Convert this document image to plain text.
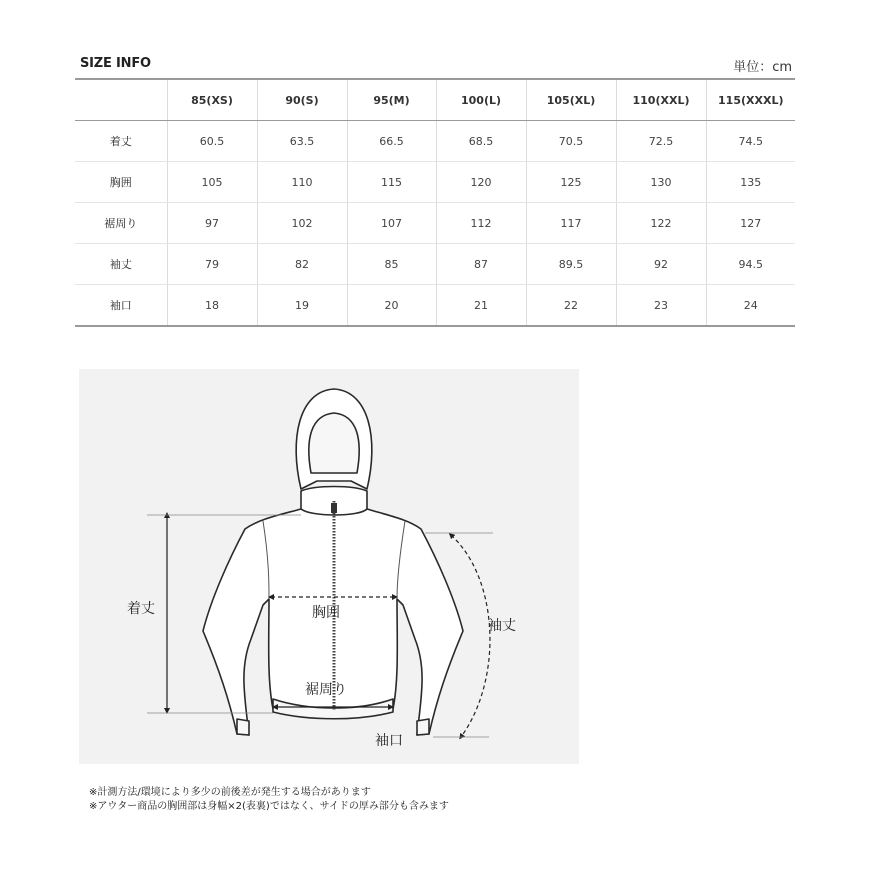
SIZE INFO	単位：cm
	85(XS)	90(S)	95(M)	100(L)	105(XL)	110(XXL)	115(XXXL)
着丈	60.5	63.5	66.5	68.5	70.5	72.5	74.5
胸囲	105	110	115	120	125	130	135
裾周り	97	102	107	112	117	122	127
袖丈	79	82	85	87	89.5	92	94.5
袖口	18	19	20	21	22	23	24
着丈	胸囲
裾周り
袖丈
袖口
※計測方法/環境により多少の前後差が発生する場合があります
※アウター商品の胸囲部は身幅×2(表裏)ではなく、サイドの厚み部分も含みます
